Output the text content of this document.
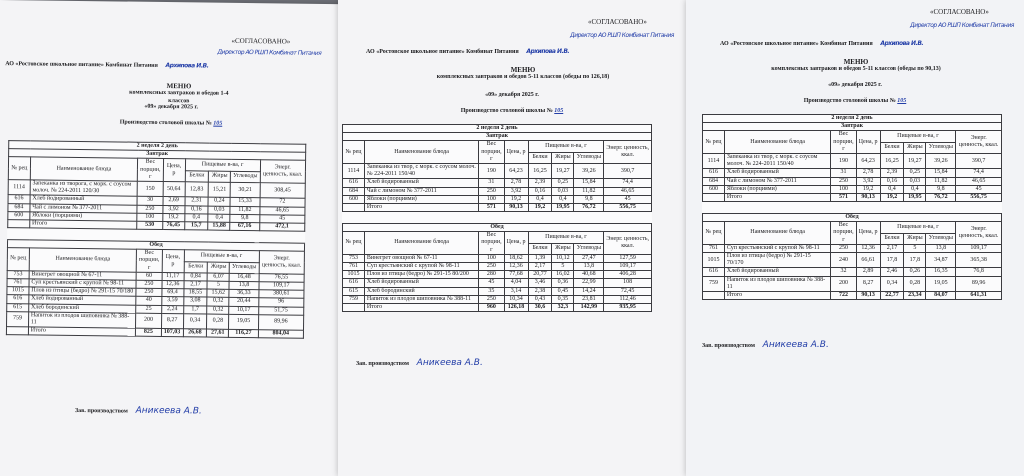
«СОГЛАСОВАНО»
Директор АО РШП Комбинат Питания
АО «Ростовское школьное питание» Комбинат Питания Архипова И.В.
МЕНЮ
комплексных завтраков и обедов 1-4 классов
«09» декабря 2025 г.
Производство столовой школы № 105
2 неделя 2 день							
Завтрак							
№ рец	Наименование блюда	Вес порции, г	Цена, р	Пищевые в-ва, г			Энерг. ценность, ккал.
				Белки	Жиры	Углеводы	
1114	Запеканка из творога, с морк. с соусом молоч. № 224-2011 120/30	150	50,64	12,83	15,21	30,21	308,45
616	Хлеб йодированный	30	2,69	2,31	0,24	15,33	72
684	Чай с лимоном № 377-2011	250	3,92	0,16	0,03	11,82	46,65
600	Яблоки (порциями)	100	19,2	0,4	0,4	9,8	45
	Итого	530	76,45	15,7	15,88	67,16	472,1

Обед							
№ рец	Наименование блюда	Вес порции, г	Цена, р	Пищевые в-ва, г			Энерг. ценность, ккал.
				Белки	Жиры	Углеводы	
753	Винегрет овощной № 67-11	60	11,17	0,84	6,07	16,48	76,55
761	Суп крестьянский с крупой № 98-11	250	12,36	2,17	5	13,8	109,17
1015	Плов из птицы (бедро) № 291-15 70/180	250	69,4	18,55	15,62	36,33	380,61
616	Хлеб йодированный	40	3,59	3,08	0,32	20,44	96
615	Хлеб бородинский	25	2,24	1,7	0,32	10,17	51,75
759	Напиток из плодов шиповника № 388-11	200	8,27	0,34	0,28	19,05	89,96
	Итого	825	107,03	26,68	27,61	116,27	804,04
Зав. производством Аникеева А.В.
«СОГЛАСОВАНО»
Директор АО РШП Комбинат Питания
АО «Ростовское школьное питание» Комбинат Питания Архипова И.В.
МЕНЮ
комплексных завтраков и обедов 5-11 классов (обеды по 126,18)
«09» декабря 2025 г.
Производство столовой школы № 105
2 неделя 2 день							
Завтрак							
№ рец	Наименование блюда	Вес порции, г	Цена, р	Пищевые в-ва, г			Энерг. ценность, ккал.
				Белки	Жиры	Углеводы	
1114	Запеканка из твор, с морк. с соусом молоч. № 224-2011 150/40	190	64,23	16,25	19,27	39,26	390,7
616	Хлеб йодированный	31	2,78	2,39	0,25	15,84	74,4
684	Чай с лимоном № 377-2011	250	3,92	0,16	0,03	11,82	46,65
600	Яблоки (порциями)	100	19,2	0,4	0,4	9,8	45
	Итого	571	90,13	19,2	19,95	76,72	556,75

Обед							
№ рец	Наименование блюда	Вес порции, г	Цена, р	Пищевые в-ва, г			Энерг. ценность, ккал.
				Белки	Жиры	Углеводы	
753	Винегрет овощной № 67-11	100	18,62	1,39	10,12	27,47	127,59
761	Суп крестьянский с крупой № 98-11	250	12,36	2,17	5	13,8	109,17
1015	Плов из птицы (бедро) № 291-15 80/200	280	77,68	20,77	16,02	40,68	406,28
616	Хлеб йодированный	45	4,04	3,46	0,36	22,99	108
615	Хлеб бородинский	35	3,14	2,38	0,45	14,24	72,45
759	Напиток из плодов шиповника № 388-11	250	10,34	0,43	0,35	23,81	112,46
	Итого	960	126,18	30,6	32,3	142,99	935,95
Зав. производством Аникеева А.В.
«СОГЛАСОВАНО»
Директор АО РШП Комбинат Питания
АО «Ростовское школьное питание» Комбинат Питания Архипова И.В.
МЕНЮ
комплексных завтраков и обедов 5-11 классов (обеды по 90,13)
«09» декабря 2025 г.
Производство столовой школы № 105
2 неделя 2 день							
Завтрак							
№ рец	Наименование блюда	Вес порции, г	Цена, р	Пищевые в-ва, г			Энерг. ценность, ккал.
				Белки	Жиры	Углеводы	
1114	Запеканка из твор, с морк. с соусом молоч. № 224-2011 150/40	190	64,23	16,25	19,27	39,26	390,7
616	Хлеб йодированный	31	2,78	2,39	0,25	15,84	74,4
684	Чай с лимоном № 377-2011	250	3,92	0,16	0,03	11,82	46,65
600	Яблоки (порциями)	100	19,2	0,4	0,4	9,8	45
	Итого	571	90,13	19,2	19,95	76,72	556,75

Обед							
№ рец	Наименование блюда	Вес порции, г	Цена, р	Пищевые в-ва, г			Энерг. ценность, ккал.
				Белки	Жиры	Углеводы	
761	Суп крестьянский с крупой № 98-11	250	12,36	2,17	5	13,8	109,17
1015	Плов из птицы (бедро) № 291-15 70/170	240	66,61	17,8	17,8	34,87	365,38
616	Хлеб йодированный	32	2,89	2,46	0,26	16,35	76,8
759	Напиток из плодов шиповника № 388-11	200	8,27	0,34	0,28	19,05	89,96
	Итого	722	90,13	22,77	23,34	84,07	641,31
Зав. производством Аникеева А.В.
